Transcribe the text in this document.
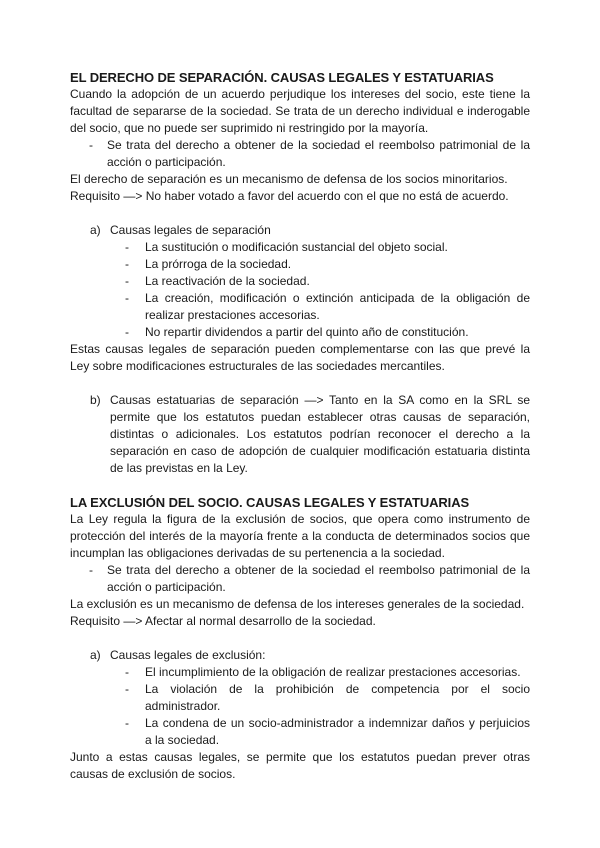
EL DERECHO DE SEPARACIÓN. CAUSAS LEGALES Y ESTATUARIAS

Cuando la adopción de un acuerdo perjudique los intereses del socio, este tiene la facultad de separarse de la sociedad. Se trata de un derecho individual e inderogable del socio, que no puede ser suprimido ni restringido por la mayoría.

- Se trata del derecho a obtener de la sociedad el reembolso patrimonial de la acción o participación.

El derecho de separación es un mecanismo de defensa de los socios minoritarios.

Requisito —> No haber votado a favor del acuerdo con el que no está de acuerdo.

a) Causas legales de separación
- La sustitución o modificación sustancial del objeto social.
- La prórroga de la sociedad.
- La reactivación de la sociedad.
- La creación, modificación o extinción anticipada de la obligación de realizar prestaciones accesorias.
- No repartir dividendos a partir del quinto año de constitución.

Estas causas legales de separación pueden complementarse con las que prevé la Ley sobre modificaciones estructurales de las sociedades mercantiles.

b) Causas estatuarias de separación —> Tanto en la SA como en la SRL se permite que los estatutos puedan establecer otras causas de separación, distintas o adicionales. Los estatutos podrían reconocer el derecho a la separación en caso de adopción de cualquier modificación estatuaria distinta de las previstas en la Ley.
LA EXCLUSIÓN DEL SOCIO. CAUSAS LEGALES Y ESTATUARIAS

La Ley regula la figura de la exclusión de socios, que opera como instrumento de protección del interés de la mayoría frente a la conducta de determinados socios que incumplan las obligaciones derivadas de su pertenencia a la sociedad.

- Se trata del derecho a obtener de la sociedad el reembolso patrimonial de la acción o participación.

La exclusión es un mecanismo de defensa de los intereses generales de la sociedad.

Requisito —> Afectar al normal desarrollo de la sociedad.

a) Causas legales de exclusión:
- El incumplimiento de la obligación de realizar prestaciones accesorias.
- La violación de la prohibición de competencia por el socio administrador.
- La condena de un socio-administrador a indemnizar daños y perjuicios a la sociedad.

Junto a estas causas legales, se permite que los estatutos puedan prever otras causas de exclusión de socios.
